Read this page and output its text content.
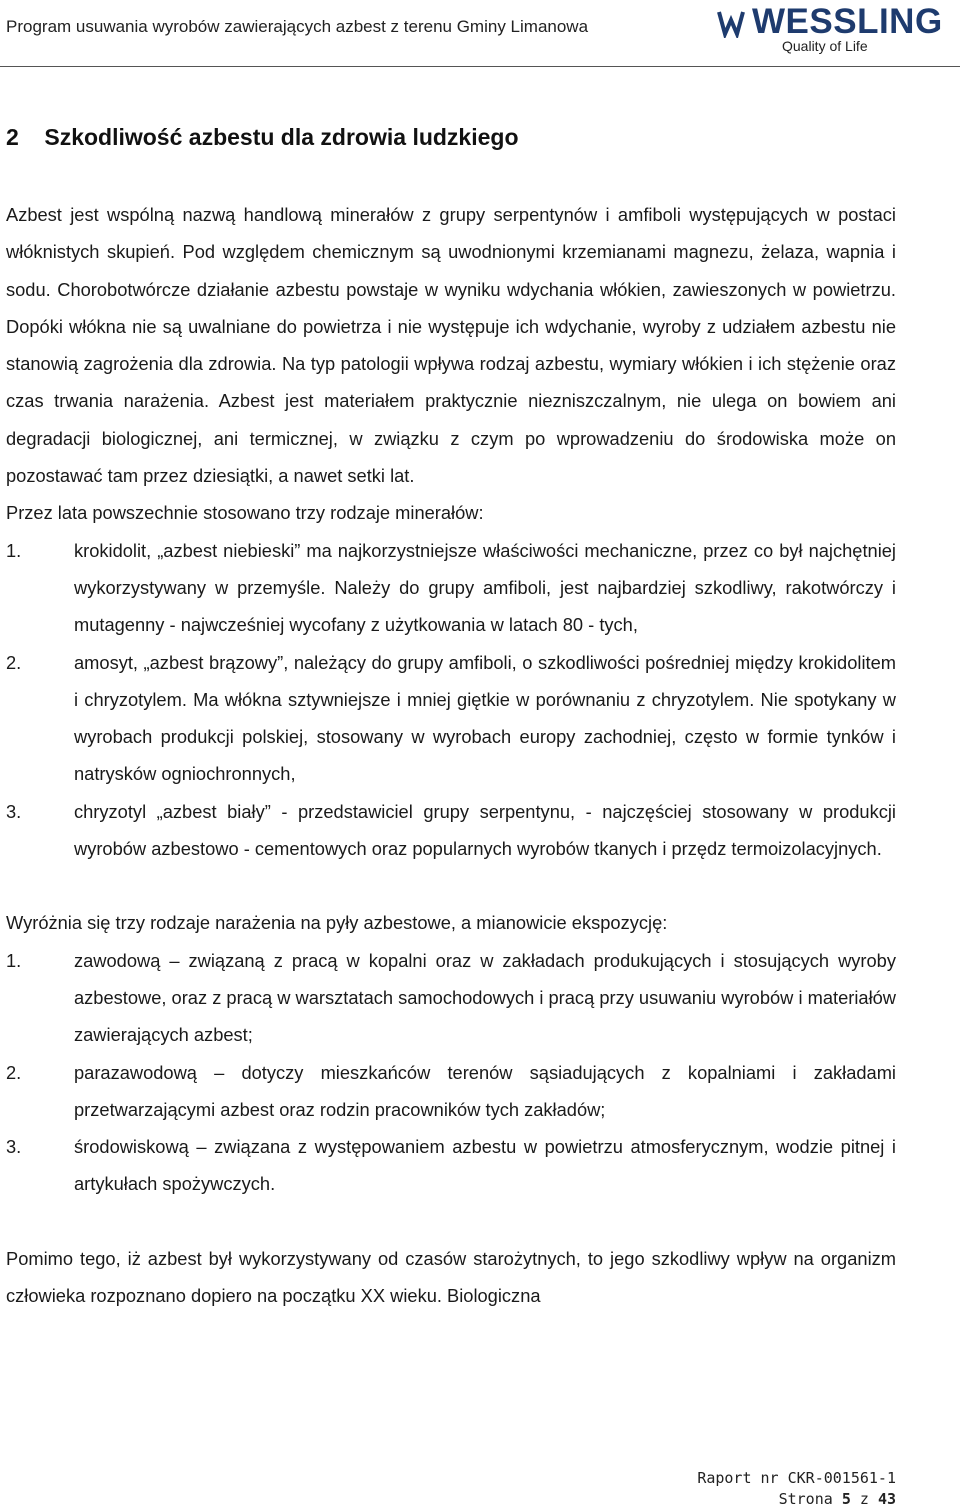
Program usuwania wyrobów zawierających azbest z terenu Gminy Limanowa	WESSLING
Quality of Life
2 Szkodliwość azbestu dla zdrowia ludzkiego

Azbest jest wspólną nazwą handlową minerałów z grupy serpentynów i amfiboli występujących w postaci włóknistych skupień. Pod względem chemicznym są uwodnionymi krzemianami magnezu, żelaza, wapnia i sodu. Chorobotwórcze działanie azbestu powstaje w wyniku wdychania włókien, zawieszonych w powietrzu. Dopóki włókna nie są uwalniane do powietrza i nie występuje ich wdychanie, wyroby z udziałem azbestu nie stanowią zagrożenia dla zdrowia. Na typ patologii wpływa rodzaj azbestu, wymiary włókien i ich stężenie oraz czas trwania narażenia. Azbest jest materiałem praktycznie niezniszczalnym, nie ulega on bowiem ani degradacji biologicznej, ani termicznej, w związku z czym po wprowadzeniu do środowiska może on pozostawać tam przez dziesiątki, a nawet setki lat.

Przez lata powszechnie stosowano trzy rodzaje minerałów:

1.	krokidolit, „azbest niebieski” ma najkorzystniejsze właściwości mechaniczne, przez co był najchętniej wykorzystywany w przemyśle. Należy do grupy amfiboli, jest najbardziej szkodliwy, rakotwórczy i mutagenny - najwcześniej wycofany z użytkowania w latach 80 - tych,
2.	amosyt, „azbest brązowy”, należący do grupy amfiboli, o szkodliwości pośredniej między krokidolitem i chryzotylem. Ma włókna sztywniejsze i mniej giętkie w porównaniu z chryzotylem. Nie spotykany w wyrobach produkcji polskiej, stosowany w wyrobach europy zachodniej, często w formie tynków i natrysków ogniochronnych,
3.	chryzotyl „azbest biały” - przedstawiciel grupy serpentynu, - najczęściej stosowany w produkcji wyrobów azbestowo - cementowych oraz popularnych wyrobów tkanych i przędz termoizolacyjnych.

Wyróżnia się trzy rodzaje narażenia na pyły azbestowe, a mianowicie ekspozycję:

1.	zawodową – związaną z pracą w kopalni oraz w zakładach produkujących i stosujących wyroby azbestowe, oraz z pracą w warsztatach samochodowych i pracą przy usuwaniu wyrobów i materiałów zawierających azbest;
2.	parazawodową – dotyczy mieszkańców terenów sąsiadujących z kopalniami i zakładami przetwarzającymi azbest oraz rodzin pracowników tych zakładów;
3.	środowiskową – związana z występowaniem azbestu w powietrzu atmosferycznym, wodzie pitnej i artykułach spożywczych.

Pomimo tego, iż azbest był wykorzystywany od czasów starożytnych, to jego szkodliwy wpływ na organizm człowieka rozpoznano dopiero na początku XX wieku. Biologiczna

Raport nr CKR-001561-1
Strona 5 z 43
